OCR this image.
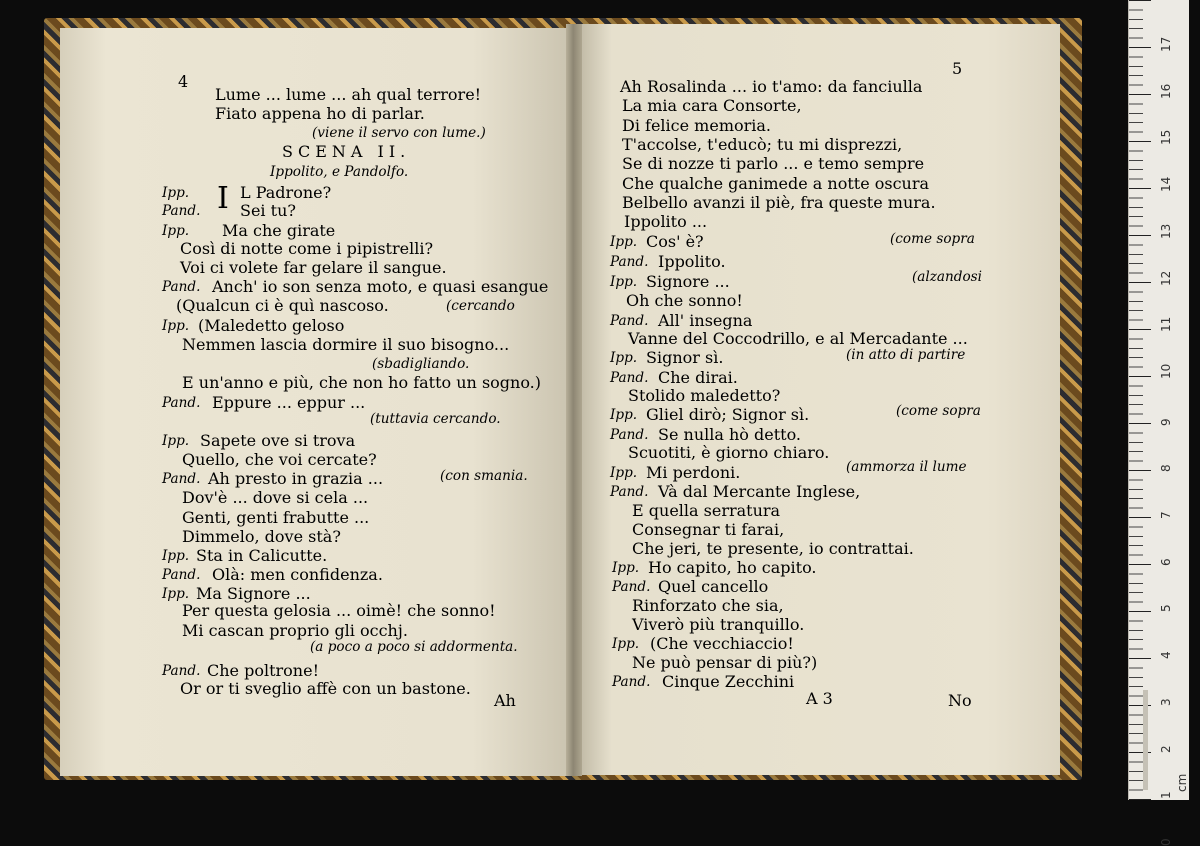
Lume ... lume ... ah qual terrore!
Fiato appena ho di parlar.
(viene il servo con lume.)
SCENA II.
Ippolito, e Pandolfo.
Ipp.	L Padrone?
Pand. Sei tu?
Ipp. Ma che girate
Così di notte come i pipistrelli?
Voi ci volete far gelare il sangue.
Pand. Anch' io son senza moto, e quasi esangue
(Qualcun ci è quì nascoso.	(cercando
Ipp. (Maledetto geloso
Nemmen lascia dormire il suo bisogno...
(sbadigliando.
E un'anno e più, che non ho fatto un sogno.)
Pand. Eppure ... eppur ...
(tuttavia cercando.
Ipp. Sapete ove si trova
Quello, che voi cercate?
Pand. Ah presto in grazia ...	(con smania.
Dov'è ... dove si cela ...
Genti, genti frabutte ...
Dimmelo, dove stà?
Ipp. Sta in Calicutte.
Pand. Olà: men confidenza.
Ipp. Ma Signore ...
Per questa gelosia ... oimè! che sonno!
Mi cascan proprio gli occhj.
(a poco a poco si addormenta.
Pand. Che poltrone!
Or or ti sveglio affè con un bastone.
Ah Rosalinda ... io t'amo: da fanciulla
La mia cara Consorte,
Di felice memoria.
T'accolse, t'educò; tu mi disprezzi,
Se di nozze ti parlo ... e temo sempre
Che qualche ganimede a notte oscura
Belbello avanzi il piè, fra queste mura.
Ippolito ...
Ipp. Cos' è?	(come sopra
Pand. Ippolito.
Ipp. Signore ...	(alzandosi
Oh che sonno!
Pand. All' insegna
Vanne del Coccodrillo, e al Mercadante ...
Ipp. Signor sì.	(in atto di partire
Pand. Che dirai.
Stolido maledetto?
Ipp. Gliel dirò; Signor sì.	(come sopra
Pand. Se nulla hò detto.
Scuotiti, è giorno chiaro.
Ipp. Mi perdoni.	(ammorza il lume
Pand. Và dal Mercante Inglese,
E quella serratura
Consegnar ti farai,
Che jeri, te presente, io contrattai.
Ipp. Ho capito, ho capito.
Pand. Quel cancello
Rinforzato che sia,
Viverò più tranquillo.
Ipp. (Che vecchiaccio!
Ne può pensar di più?)
Pand. Cinque Zecchini
4
I
Ah
5
A 3	No
17
16
15
14
13
12
11
10
9
8
7
6
5
4
3
2
1
0
cm
